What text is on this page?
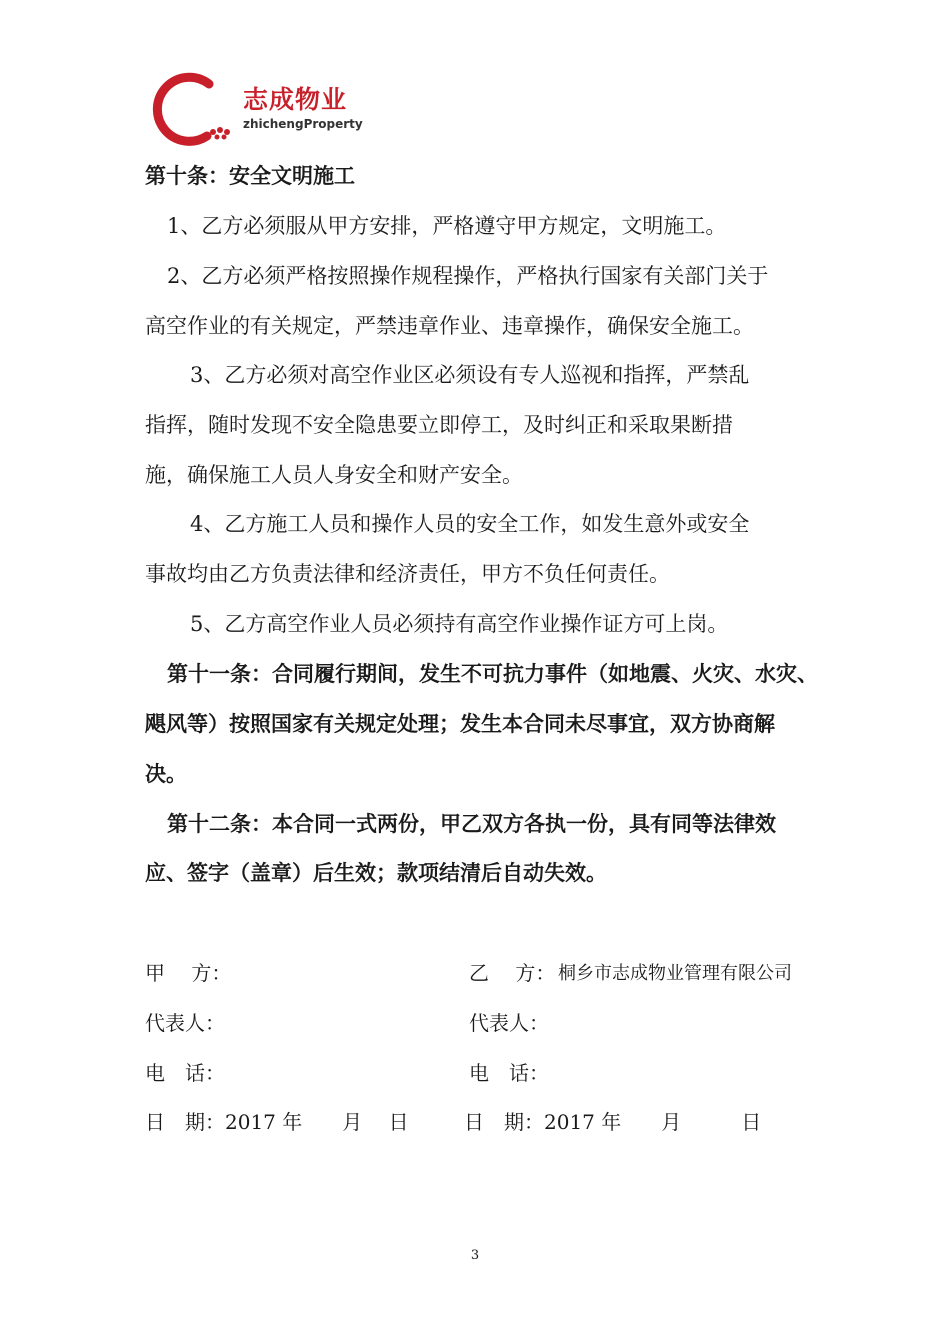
志成物业
zhichengProperty
第十条：安全文明施工
1、乙方必须服从甲方安排，严格遵守甲方规定，文明施工。
2、乙方必须严格按照操作规程操作，严格执行国家有关部门关于
高空作业的有关规定，严禁违章作业、违章操作，确保安全施工。
3、乙方必须对高空作业区必须设有专人巡视和指挥，严禁乱
指挥，随时发现不安全隐患要立即停工，及时纠正和采取果断措
施，确保施工人员人身安全和财产安全。
4、乙方施工人员和操作人员的安全工作，如发生意外或安全
事故均由乙方负责法律和经济责任，甲方不负任何责任。
5、乙方高空作业人员必须持有高空作业操作证方可上岗。
第十一条：合同履行期间，发生不可抗力事件（如地震、火灾、水灾、
飓风等）按照国家有关规定处理；发生本合同未尽事宜，双方协商解
决。
第十二条：本合同一式两份，甲乙双方各执一份，具有同等法律效
应、签字（盖章）后生效；款项结清后自动失效。
甲　 方：	乙　 方： 桐乡市志成物业管理有限公司
代表人：	代表人：
电　话：	电　话：
日　期：2017 年　　月　 日	日　期：2017 年　　月　　　日
3
